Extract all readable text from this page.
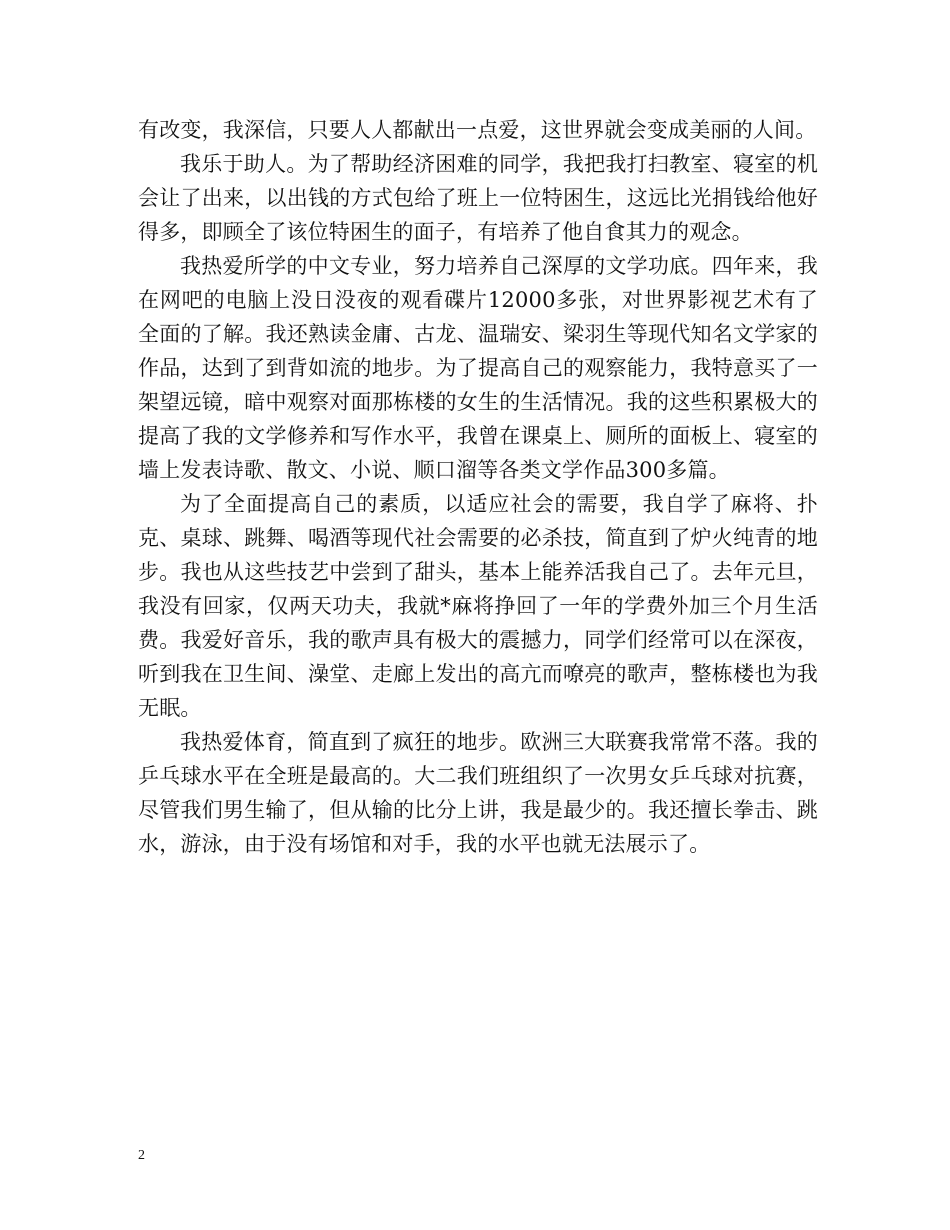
有改变，我深信，只要人人都献出一点爱，这世界就会变成美丽的人间。

我乐于助人。为了帮助经济困难的同学，我把我打扫教室、寝室的机会让了出来，以出钱的方式包给了班上一位特困生，这远比光捐钱给他好得多，即顾全了该位特困生的面子，有培养了他自食其力的观念。

我热爱所学的中文专业，努力培养自己深厚的文学功底。四年来，我在网吧的电脑上没日没夜的观看碟片12000多张，对世界影视艺术有了全面的了解。我还熟读金庸、古龙、温瑞安、梁羽生等现代知名文学家的作品，达到了到背如流的地步。为了提高自己的观察能力，我特意买了一架望远镜，暗中观察对面那栋楼的女生的生活情况。我的这些积累极大的提高了我的文学修养和写作水平，我曾在课桌上、厕所的面板上、寝室的墙上发表诗歌、散文、小说、顺口溜等各类文学作品300多篇。

为了全面提高自己的素质，以适应社会的需要，我自学了麻将、扑克、桌球、跳舞、喝酒等现代社会需要的必杀技，简直到了炉火纯青的地步。我也从这些技艺中尝到了甜头，基本上能养活我自己了。去年元旦，我没有回家，仅两天功夫，我就*麻将挣回了一年的学费外加三个月生活费。我爱好音乐，我的歌声具有极大的震撼力，同学们经常可以在深夜，听到我在卫生间、澡堂、走廊上发出的高亢而嘹亮的歌声，整栋楼也为我无眠。

我热爱体育，简直到了疯狂的地步。欧洲三大联赛我常常不落。我的乒乓球水平在全班是最高的。大二我们班组织了一次男女乒乓球对抗赛，尽管我们男生输了，但从输的比分上讲，我是最少的。我还擅长拳击、跳水，游泳，由于没有场馆和对手，我的水平也就无法展示了。

2
